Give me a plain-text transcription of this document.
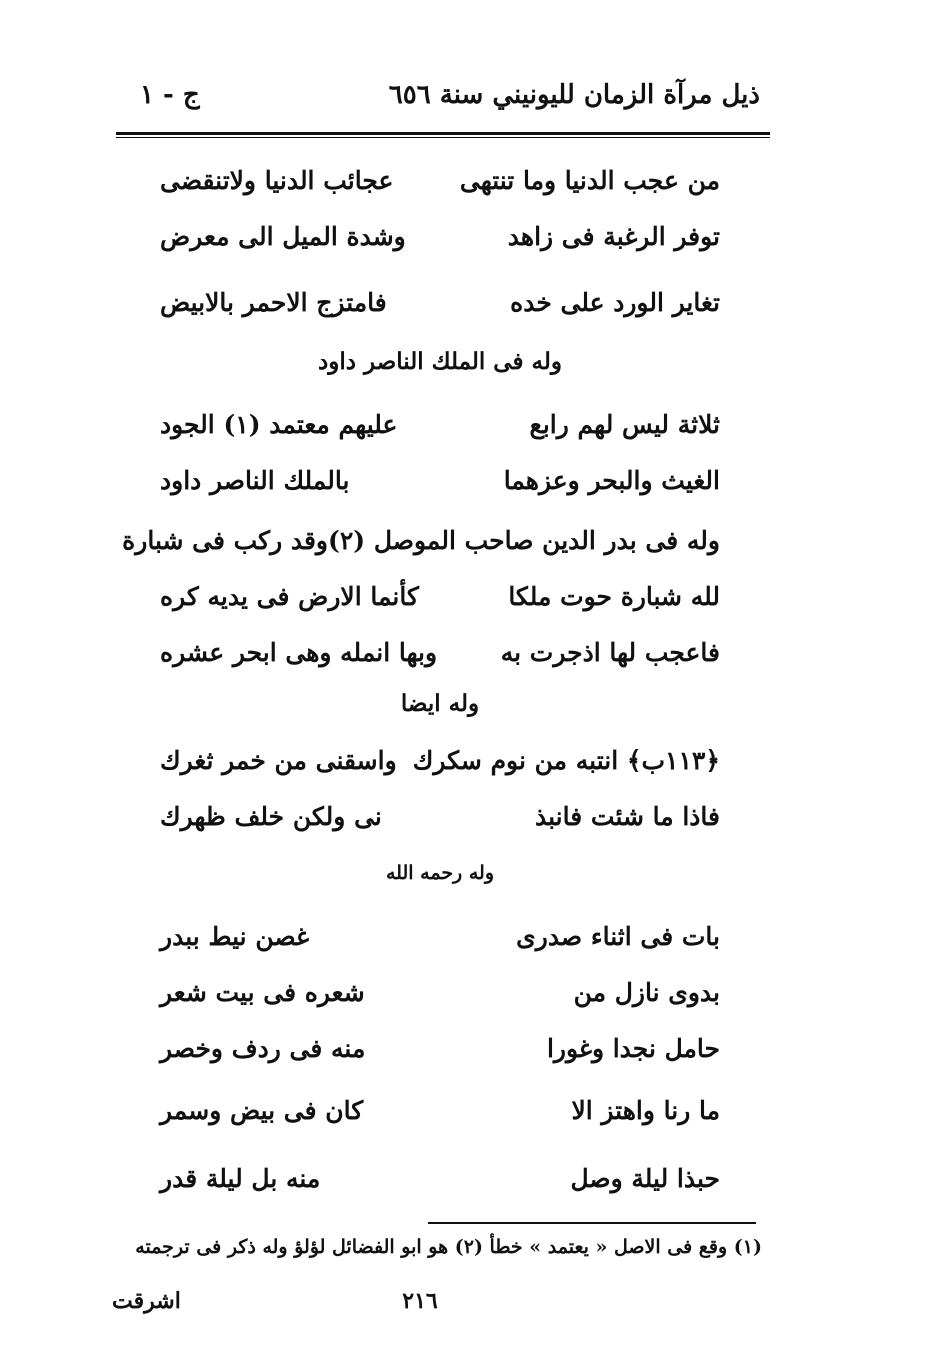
ذيل مرآة الزمان لليونيني سنة ٦٥٦
ج - ١
من عجب الدنيا وما تنتهى
عجائب الدنيا ولاتنقضى
توفر الرغبة فى زاهد
وشدة الميل الى معرض
تغاير الورد على خده
فامتزج الاحمر بالابيض
وله فى الملك الناصر داود
ثلاثة ليس لهم رابع
عليهم معتمد (١) الجود
الغيث والبحر وعزهما
بالملك الناصر داود
وله فى بدر الدين صاحب الموصل (٢)
وقد ركب فى شبارة
لله شبارة حوت ملكا
كأنما الارض فى يديه كره
فاعجب لها اذجرت به
وبها انمله وهى ابحر عشره
وله ايضا
﴿١١٣ب﴾ انتبه من نوم سكرك
واسقنى من خمر ثغرك
فاذا ما شئت فانبذ
نى ولكن خلف ظهرك
وله رحمه الله
بات فى اثناء صدرى
غصن نيط ببدر
بدوى نازل من
شعره فى بيت شعر
حامل نجدا وغورا
منه فى ردف وخصر
ما رنا واهتز الا
كان فى بيض وسمر
حبذا ليلة وصل
منه بل ليلة قدر
(١) وقع فى الاصل « يعتمد » خطأ (٢) هو ابو الفضائل لؤلؤ وله ذكر فى ترجمته
٢١٦
اشرقت
